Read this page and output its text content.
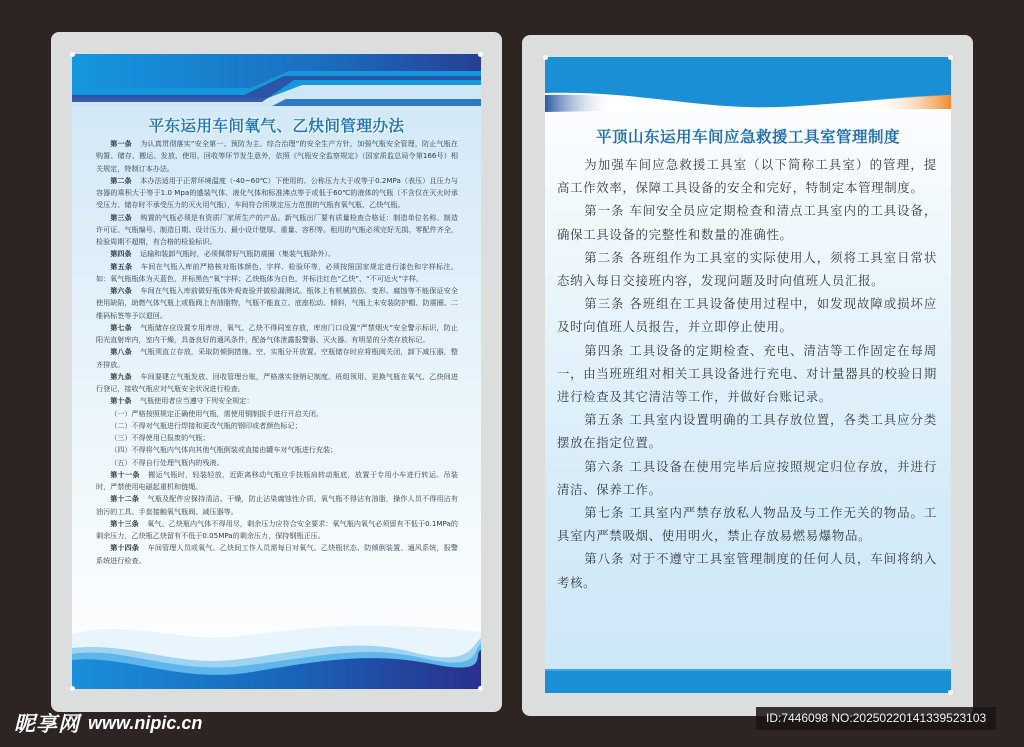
平东运用车间氧气、乙炔间管理办法

第一条 为认真贯彻落实“安全第一、预防为主、综合治理”的安全生产方针，加强气瓶安全管理，防止气瓶在购置、储存、搬运、发放、使用、回收等环节发生意外，依照《气瓶安全监察规定》（国家质监总局令第166号）相关规定，特制订本办法。

第二条 本办法适用于正常环境温度（-40~60℃）下使用的、公称压力大于或等于0.2MPa（表压）且压力与容器的乘积大于等于1.0 Mpa的盛装气体、液化气体和标准沸点等于或低于60℃的液体的气瓶（不含仅在灭火时承受压力、储存时不承受压力的灭火用气瓶），车间符合所规定压力范围的气瓶有氧气瓶、乙炔气瓶。

第三条 购置的气瓶必须是有资质厂家所生产的产品。新气瓶出厂要有质量检查合格证：制造单位名称、制造许可证、气瓶编号、制造日期、设计压力、最小设计壁厚、重量、容积等。租用的气瓶必须完好无损、零配件齐全，检验周期不超期，有合格的检验标识。

第四条 运输和装卸气瓶时，必须佩带好气瓶防震圈（集装气瓶除外）。

第五条 车间在气瓶入库前严格核对瓶体颜色、字样、检验环等，必须按照国家规定进行漆色和字样标注。如：氧气瓶瓶体为天蓝色，并标黑色“氧”字样；乙炔瓶体为白色，并标注红色“乙炔”、“不可近火”字样。

第六条 车间在气瓶入库前做好瓶体外观查验并做检漏测试。瓶体上有机械损伤、变形、腐蚀等不能保证安全使用缺陷，助燃气体气瓶上或瓶阀上有油脂物，气瓶不能直立、底座松动、倾斜，气瓶上未安装防护帽、防震圈、二维码标签等予以退回。

第七条 气瓶储存应设置专用库房，氧气、乙炔不得同室存放，库房门口设置“严禁烟火”安全警示标识，防止阳光直射库内，室内干燥，具备良好的通风条件，配备气体泄露报警器、灭火器。有明显的分类存放标记。

第八条 气瓶须直立存放，采取防倾倒措施。空、实瓶分开放置。空瓶储存时应将瓶阀关闭，卸下减压器，整齐排放。

第九条 车间要建立气瓶发放、回收管理台账，严格落实登销记制度。班组领用、更换气瓶在氧气、乙炔间进行登记，接收气瓶应对气瓶安全状况进行检查。

第十条 气瓶使用者应当遵守下列安全规定：

（一）严格按照规定正确使用气瓶，需使用铜制扳手进行开启关闭。

（二）不得对气瓶进行焊接和更改气瓶的钢印或者颜色标记；

（三）不得使用已报废的气瓶；

（四）不得将气瓶内气体向其他气瓶倒装或直接由罐车对气瓶进行充装；

（五）不得自行处理气瓶内的残液。

第十一条 搬运气瓶时，轻装轻放，近距离移动气瓶应手扶瓶肩转动瓶底，放置于专用小车进行转运。吊装时，严禁使用电磁起重机和链绳。

第十二条 气瓶及配件应保持清洁、干燥，防止沾染腐蚀性介质，氧气瓶不得沾有油脂，操作人员不得用沾有油污的工具、手套接触氧气瓶阀、减压器等。

第十三条 氧气、乙炔瓶内气体不得用尽，剩余压力应符合安全要求：氧气瓶内氧气必须留有不低于0.1MPa的剩余压力，乙炔瓶乙炔留有不低于0.05MPa的剩余压力，保持钢瓶正压。

第十四条 车间管理人员或氧气、乙炔间工作人员需每日对氧气、乙炔瓶状态、防倾倒装置、通风系统，报警系统进行检查。

平顶山东运用车间应急救援工具室管理制度

为加强车间应急救援工具室（以下简称工具室）的管理，提高工作效率，保障工具设备的安全和完好，特制定本管理制度。

第一条 车间安全员应定期检查和清点工具室内的工具设备，确保工具设备的完整性和数量的准确性。

第二条 各班组作为工具室的实际使用人，须将工具室日常状态纳入每日交接班内容，发现问题及时向值班人员汇报。

第三条 各班组在工具设备使用过程中，如发现故障或损坏应及时向值班人员报告，并立即停止使用。

第四条 工具设备的定期检查、充电、清洁等工作固定在每周一，由当班班组对相关工具设备进行充电、对计量器具的校验日期进行检查及其它清洁等工作，并做好台账记录。

第五条 工具室内设置明确的工具存放位置，各类工具应分类摆放在指定位置。

第六条 工具设备在使用完毕后应按照规定归位存放，并进行清洁、保养工作。

第七条 工具室内严禁存放私人物品及与工作无关的物品。工具室内严禁吸烟、使用明火，禁止存放易燃易爆物品。

第八条 对于不遵守工具室管理制度的任何人员，车间将纳入考核。

昵享网 www.nipic.cn	ID:7446098 NO:20250220141339523103
